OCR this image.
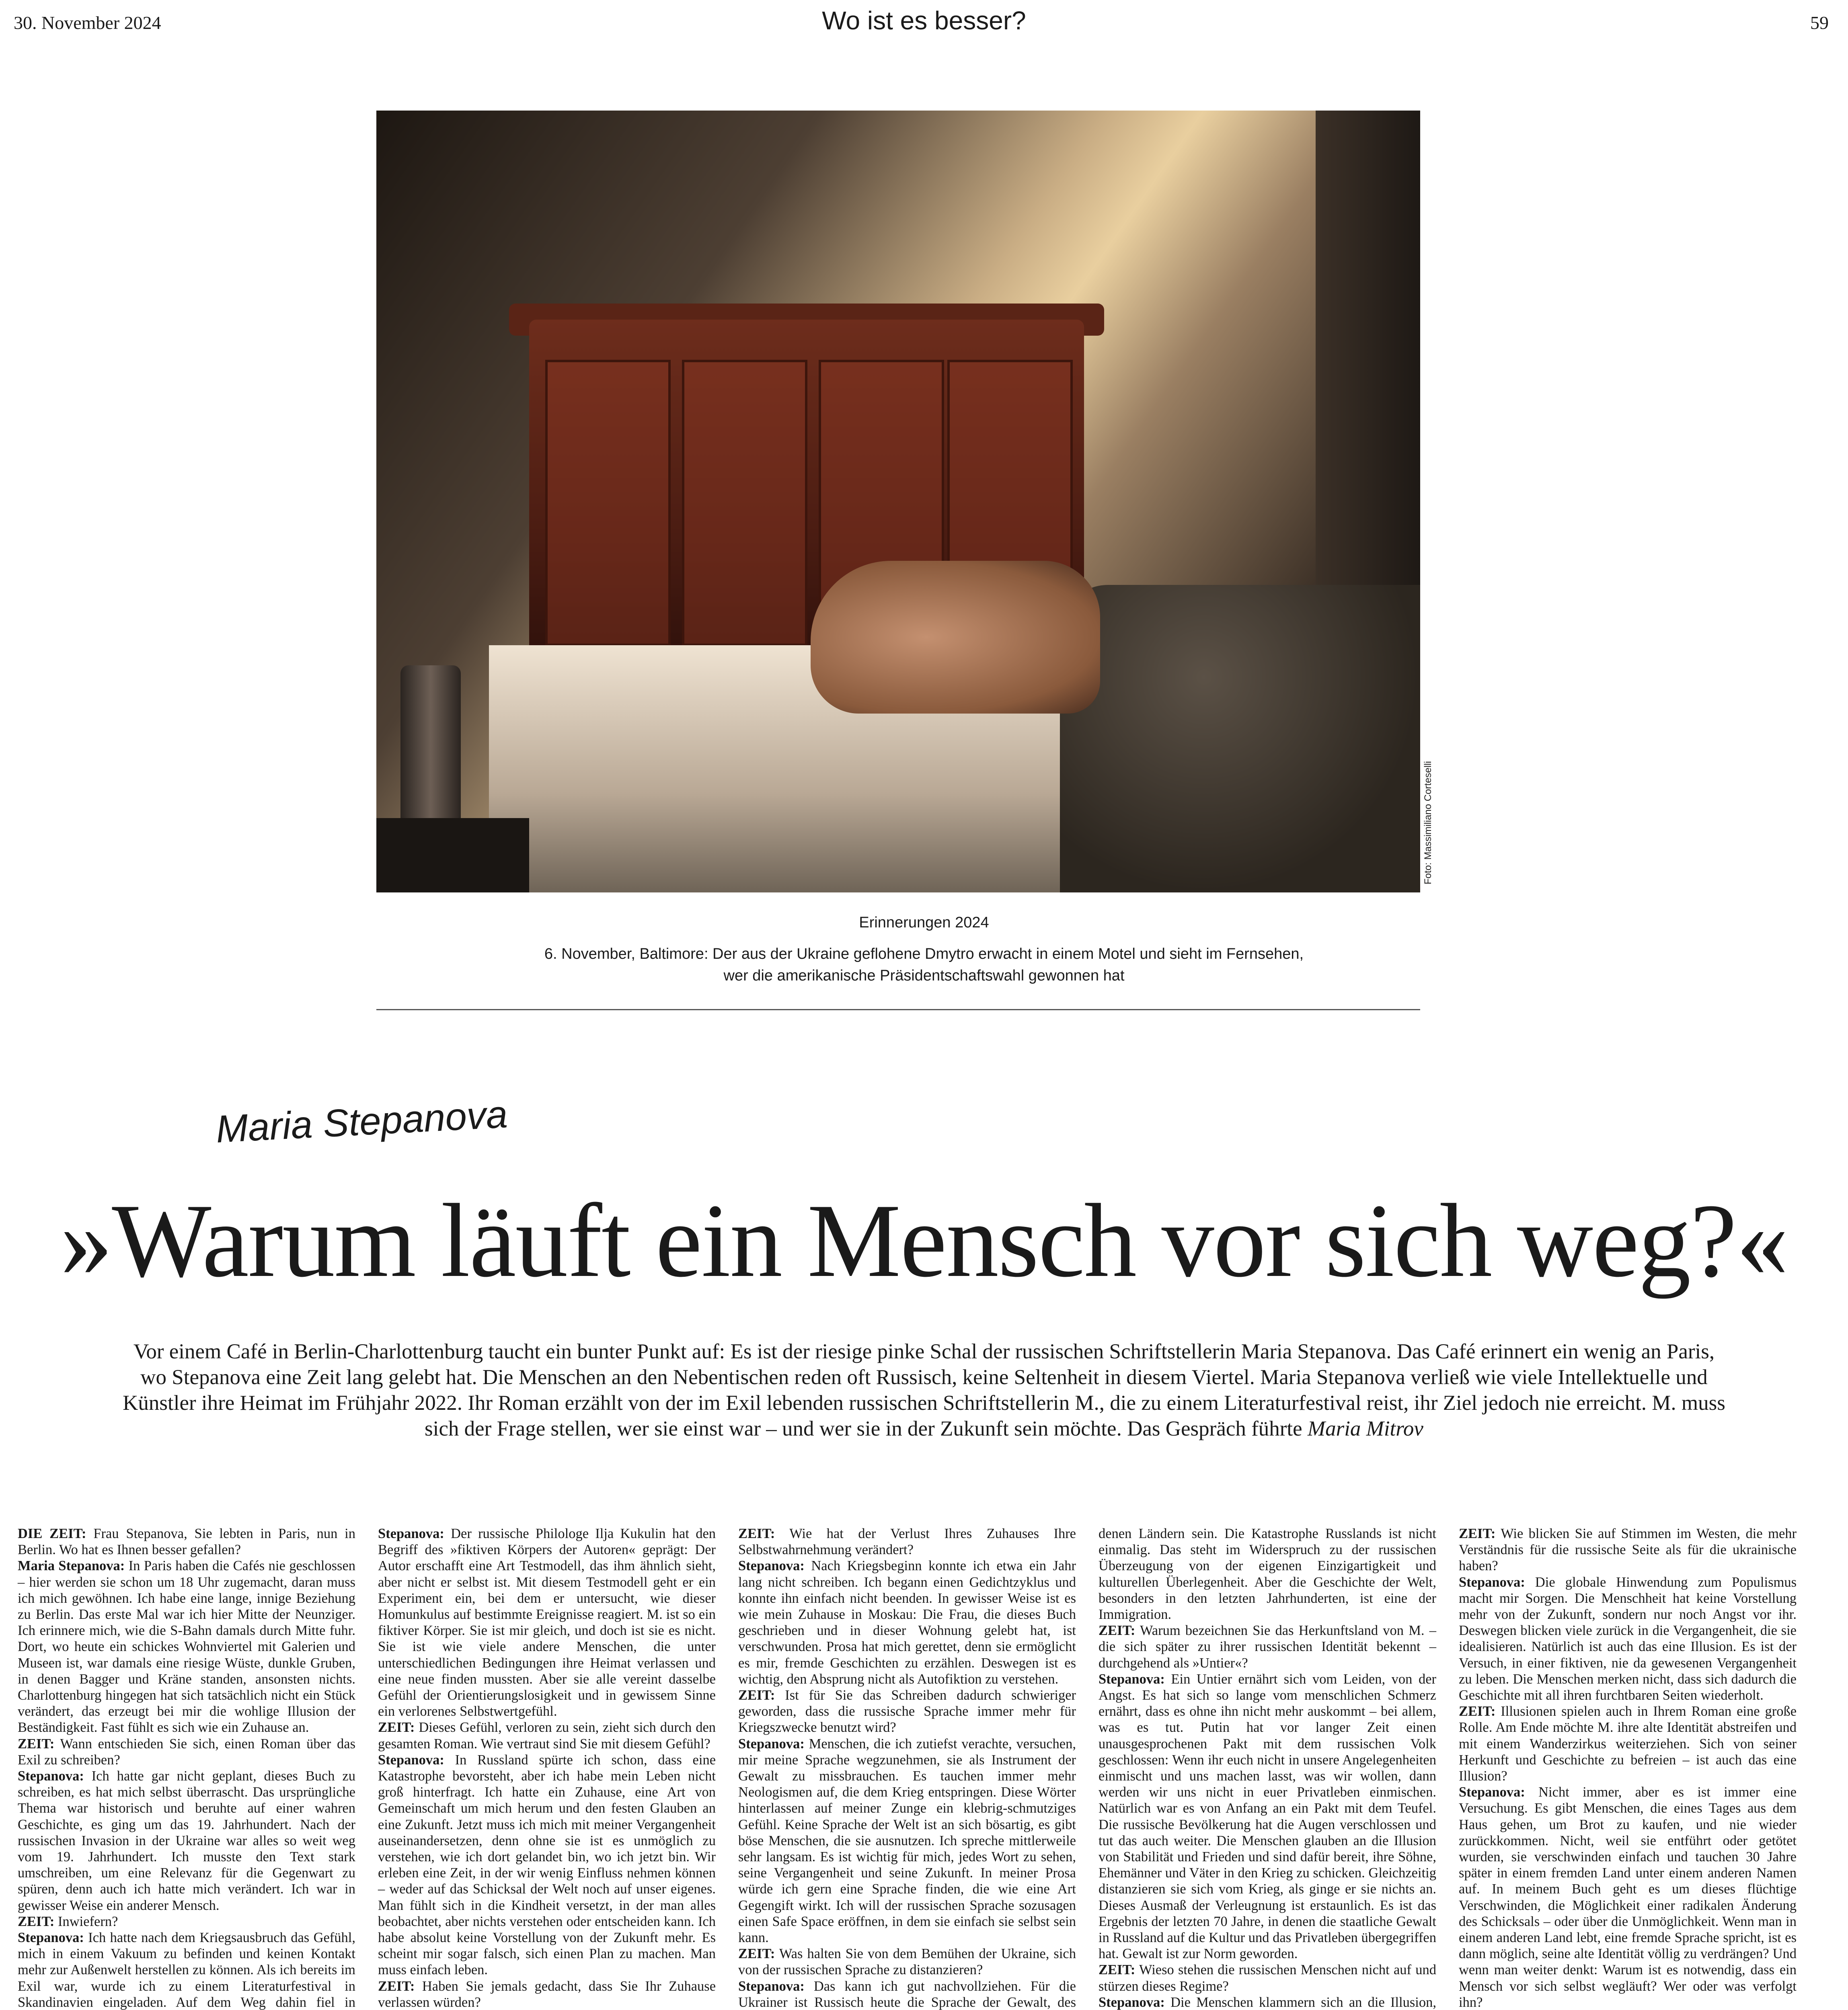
30. November 2024	Wo ist es besser?	59
Foto: Massimiliano Corteselli
Erinnerungen 2024
6. November, Baltimore: Der aus der Ukraine geflohene Dmytro erwacht in einem Motel und sieht im Fernsehen,
wer die amerikanische Präsidentschaftswahl gewonnen hat
Maria Stepanova
»Warum läuft ein Mensch vor sich weg?«
Vor einem Café in Berlin-Charlottenburg taucht ein bunter Punkt auf: Es ist der riesige pinke Schal der russischen Schriftstellerin Maria Stepanova. Das Café erinnert ein wenig an Paris, wo Stepanova eine Zeit lang gelebt hat. Die Menschen an den Nebentischen reden oft Russisch, keine Seltenheit in diesem Viertel. Maria Stepanova verließ wie viele Intellektuelle und Künstler ihre Heimat im Frühjahr 2022. Ihr Roman erzählt von der im Exil lebenden russischen Schriftstellerin M., die zu einem Literaturfestival reist, ihr Ziel jedoch nie erreicht. M. muss sich der Frage stellen, wer sie einst war – und wer sie in der Zukunft sein möchte. Das Gespräch führte Maria Mitrov

DIE ZEIT: Frau Stepanova, Sie lebten in Paris, nun in Berlin. Wo hat es Ihnen besser gefallen?

Maria Stepanova: In Paris haben die Cafés nie geschlossen – hier werden sie schon um 18 Uhr zugemacht, daran muss ich mich gewöhnen. Ich habe eine lange, innige Beziehung zu Berlin. Das erste Mal war ich hier Mitte der Neunziger. Ich erinnere mich, wie die S-Bahn damals durch Mitte fuhr. Dort, wo heute ein schickes Wohnviertel mit Galerien und Museen ist, war damals eine riesige Wüste, dunkle Gruben, in denen Bagger und Kräne standen, ansonsten nichts. Charlottenburg hingegen hat sich tatsächlich nicht ein Stück verändert, das erzeugt bei mir die wohlige Illusion der Beständigkeit. Fast fühlt es sich wie ein Zuhause an.

ZEIT: Wann entschieden Sie sich, einen Roman über das Exil zu schreiben?

Stepanova: Ich hatte gar nicht geplant, dieses Buch zu schreiben, es hat mich selbst überrascht. Das ursprüngliche Thema war historisch und beruhte auf einer wahren Geschichte, es ging um das 19. Jahrhundert. Nach der russischen Invasion in der Ukraine war alles so weit weg vom 19. Jahrhundert. Ich musste den Text stark umschreiben, um eine Relevanz für die Gegenwart zu spüren, denn auch ich hatte mich verändert. Ich war in gewisser Weise ein anderer Mensch.

ZEIT: Inwiefern?

Stepanova: Ich hatte nach dem Kriegsausbruch das Gefühl, mich in einem Vakuum zu befinden und keinen Kontakt mehr zur Außenwelt herstellen zu können. Als ich bereits im Exil war, wurde ich zu einem Literaturfestival in Skandinavien eingeladen. Auf dem Weg dahin fiel in

Stepanova: Der russische Philologe Ilja Kukulin hat den Begriff des »fiktiven Körpers der Autoren« geprägt: Der Autor erschafft eine Art Testmodell, das ihm ähnlich sieht, aber nicht er selbst ist. Mit diesem Testmodell geht er ein Experiment ein, bei dem er untersucht, wie dieser Homunkulus auf bestimmte Ereignisse reagiert. M. ist so ein fiktiver Körper. Sie ist mir gleich, und doch ist sie es nicht. Sie ist wie viele andere Menschen, die unter unterschiedlichen Bedingungen ihre Heimat verlassen und eine neue finden mussten. Aber sie alle vereint dasselbe Gefühl der Orientierungslosigkeit und in gewissem Sinne ein verlorenes Selbstwertgefühl.

ZEIT: Dieses Gefühl, verloren zu sein, zieht sich durch den gesamten Roman. Wie vertraut sind Sie mit diesem Gefühl?

Stepanova: In Russland spürte ich schon, dass eine Katastrophe bevorsteht, aber ich habe mein Leben nicht groß hinterfragt. Ich hatte ein Zuhause, eine Art von Gemeinschaft um mich herum und den festen Glauben an eine Zukunft. Jetzt muss ich mich mit meiner Vergangenheit auseinandersetzen, denn ohne sie ist es unmöglich zu verstehen, wie ich dort gelandet bin, wo ich jetzt bin. Wir erleben eine Zeit, in der wir wenig Einfluss nehmen können – weder auf das Schicksal der Welt noch auf unser eigenes. Man fühlt sich in die Kindheit versetzt, in der man alles beobachtet, aber nichts verstehen oder entscheiden kann. Ich habe absolut keine Vorstellung von der Zukunft mehr. Es scheint mir sogar falsch, sich einen Plan zu machen. Man muss einfach leben.

ZEIT: Haben Sie jemals gedacht, dass Sie Ihr Zuhause verlassen würden?

ZEIT: Wie hat der Verlust Ihres Zuhauses Ihre Selbstwahrnehmung verändert?

Stepanova: Nach Kriegsbeginn konnte ich etwa ein Jahr lang nicht schreiben. Ich begann einen Gedichtzyklus und konnte ihn einfach nicht beenden. In gewisser Weise ist es wie mein Zuhause in Moskau: Die Frau, die dieses Buch geschrieben und in dieser Wohnung gelebt hat, ist verschwunden. Prosa hat mich gerettet, denn sie ermöglicht es mir, fremde Geschichten zu erzählen. Deswegen ist es wichtig, den Absprung nicht als Autofiktion zu verstehen.

ZEIT: Ist für Sie das Schreiben dadurch schwieriger geworden, dass die russische Sprache immer mehr für Kriegszwecke benutzt wird?

Stepanova: Menschen, die ich zutiefst verachte, versuchen, mir meine Sprache wegzunehmen, sie als Instrument der Gewalt zu missbrauchen. Es tauchen immer mehr Neologismen auf, die dem Krieg entspringen. Diese Wörter hinterlassen auf meiner Zunge ein klebrig-schmutziges Gefühl. Keine Sprache der Welt ist an sich bösartig, es gibt böse Menschen, die sie ausnutzen. Ich spreche mittlerweile sehr langsam. Es ist wichtig für mich, jedes Wort zu sehen, seine Vergangenheit und seine Zukunft. In meiner Prosa würde ich gern eine Sprache finden, die wie eine Art Gegengift wirkt. Ich will der russischen Sprache sozusagen einen Safe Space eröffnen, in dem sie einfach sie selbst sein kann.

ZEIT: Was halten Sie von dem Bemühen der Ukraine, sich von der russischen Sprache zu distanzieren?

Stepanova: Das kann ich gut nachvollziehen. Für die Ukrainer ist Russisch heute die Sprache der Gewalt, des

denen Ländern sein. Die Katastrophe Russlands ist nicht einmalig. Das steht im Widerspruch zu der russischen Überzeugung von der eigenen Einzigartigkeit und kulturellen Überlegenheit. Aber die Geschichte der Welt, besonders in den letzten Jahrhunderten, ist eine der Immigration.

ZEIT: Warum bezeichnen Sie das Herkunftsland von M. – die sich später zu ihrer russischen Identität bekennt – durchgehend als »Untier«?

Stepanova: Ein Untier ernährt sich vom Leiden, von der Angst. Es hat sich so lange vom menschlichen Schmerz ernährt, dass es ohne ihn nicht mehr auskommt – bei allem, was es tut. Putin hat vor langer Zeit einen unausgesprochenen Pakt mit dem russischen Volk geschlossen: Wenn ihr euch nicht in unsere Angelegenheiten einmischt und uns machen lasst, was wir wollen, dann werden wir uns nicht in euer Privatleben einmischen. Natürlich war es von Anfang an ein Pakt mit dem Teufel. Die russische Bevölkerung hat die Augen verschlossen und tut das auch weiter. Die Menschen glauben an die Illusion von Stabilität und Frieden und sind dafür bereit, ihre Söhne, Ehemänner und Väter in den Krieg zu schicken. Gleichzeitig distanzieren sie sich vom Krieg, als ginge er sie nichts an. Dieses Ausmaß der Verleugnung ist erstaunlich. Es ist das Ergebnis der letzten 70 Jahre, in denen die staatliche Gewalt in Russland auf die Kultur und das Privatleben übergegriffen hat. Gewalt ist zur Norm geworden.

ZEIT: Wieso stehen die russischen Menschen nicht auf und stürzen dieses Regime?

Stepanova: Die Menschen klammern sich an die Illusion,

ZEIT: Wie blicken Sie auf Stimmen im Westen, die mehr Verständnis für die russische Seite als für die ukrainische haben?

Stepanova: Die globale Hinwendung zum Populismus macht mir Sorgen. Die Menschheit hat keine Vorstellung mehr von der Zukunft, sondern nur noch Angst vor ihr. Deswegen blicken viele zurück in die Vergangenheit, die sie idealisieren. Natürlich ist auch das eine Illusion. Es ist der Versuch, in einer fiktiven, nie da gewesenen Vergangenheit zu leben. Die Menschen merken nicht, dass sich dadurch die Geschichte mit all ihren furchtbaren Seiten wiederholt.

ZEIT: Illusionen spielen auch in Ihrem Roman eine große Rolle. Am Ende möchte M. ihre alte Identität abstreifen und mit einem Wanderzirkus weiterziehen. Sich von seiner Herkunft und Geschichte zu befreien – ist auch das eine Illusion?

Stepanova: Nicht immer, aber es ist immer eine Versuchung. Es gibt Menschen, die eines Tages aus dem Haus gehen, um Brot zu kaufen, und nie wieder zurückkommen. Nicht, weil sie entführt oder getötet wurden, sie verschwinden einfach und tauchen 30 Jahre später in einem fremden Land unter einem anderen Namen auf. In meinem Buch geht es um dieses flüchtige Verschwinden, die Möglichkeit einer radikalen Änderung des Schicksals – oder über die Unmöglichkeit. Wenn man in einem anderen Land lebt, eine fremde Sprache spricht, ist es dann möglich, seine alte Identität völlig zu verdrängen? Und wenn man weiter denkt: Warum ist es notwendig, dass ein Mensch vor sich selbst wegläuft? Wer oder was verfolgt ihn?
